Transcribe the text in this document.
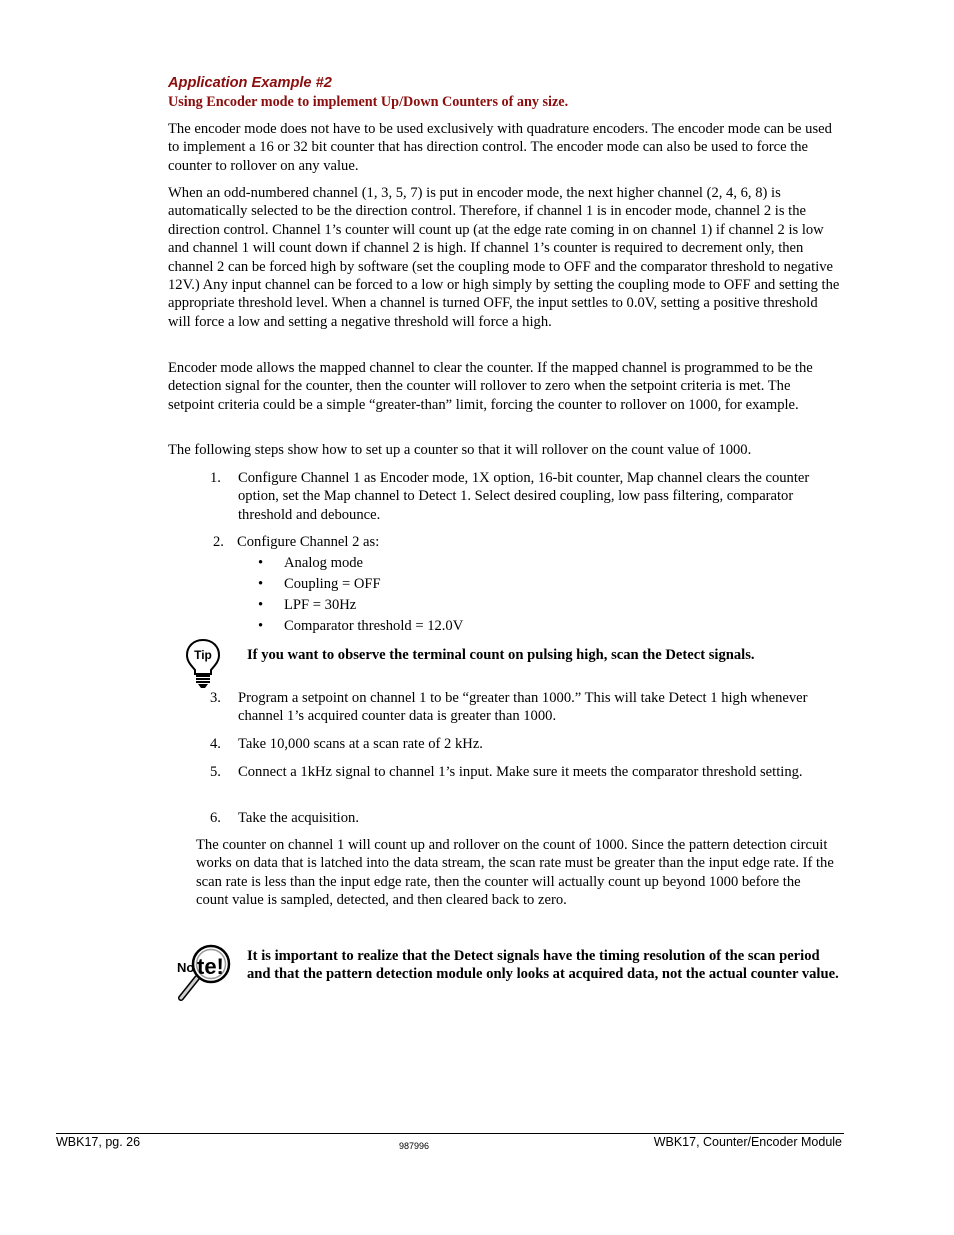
Application Example #2
Using Encoder mode to implement Up/Down Counters of any size.
The encoder mode does not have to be used exclusively with quadrature encoders. The encoder mode can be used to implement a 16 or 32 bit counter that has direction control. The encoder mode can also be used to force the counter to rollover on any value.
When an odd-numbered channel (1, 3, 5, 7) is put in encoder mode, the next higher channel (2, 4, 6, 8) is automatically selected to be the direction control. Therefore, if channel 1 is in encoder mode, channel 2 is the direction control. Channel 1’s counter will count up (at the edge rate coming in on channel 1) if channel 2 is low and channel 1 will count down if channel 2 is high. If channel 1’s counter is required to decrement only, then channel 2 can be forced high by software (set the coupling mode to OFF and the comparator threshold to negative 12V.) Any input channel can be forced to a low or high simply by setting the coupling mode to OFF and setting the appropriate threshold level. When a channel is turned OFF, the input settles to 0.0V, setting a positive threshold will force a low and setting a negative threshold will force a high.
Encoder mode allows the mapped channel to clear the counter. If the mapped channel is programmed to be the detection signal for the counter, then the counter will rollover to zero when the setpoint criteria is met. The setpoint criteria could be a simple “greater-than” limit, forcing the counter to rollover on 1000, for example.
The following steps show how to set up a counter so that it will rollover on the count value of 1000.
1. Configure Channel 1 as Encoder mode, 1X option, 16-bit counter, Map channel clears the counter option, set the Map channel to Detect 1. Select desired coupling, low pass filtering, comparator threshold and debounce.
2. Configure Channel 2 as:
• Analog mode
• Coupling = OFF
• LPF = 30Hz
• Comparator threshold = 12.0V
Tip If you want to observe the terminal count on pulsing high, scan the Detect signals.
3. Program a setpoint on channel 1 to be “greater than 1000.” This will take Detect 1 high whenever channel 1’s acquired counter data is greater than 1000.
4. Take 10,000 scans at a scan rate of 2 kHz.
5. Connect a 1kHz signal to channel 1’s input. Make sure it meets the comparator threshold setting.
6. Take the acquisition.
The counter on channel 1 will count up and rollover on the count of 1000. Since the pattern detection circuit works on data that is latched into the data stream, the scan rate must be greater than the input edge rate. If the scan rate is less than the input edge rate, then the counter will actually count up beyond 1000 before the count value is sampled, detected, and then cleared back to zero.
No te! It is important to realize that the Detect signals have the timing resolution of the scan period and that the pattern detection module only looks at acquired data, not the actual counter value.
WBK17, pg. 26	987996	WBK17, Counter/Encoder Module
